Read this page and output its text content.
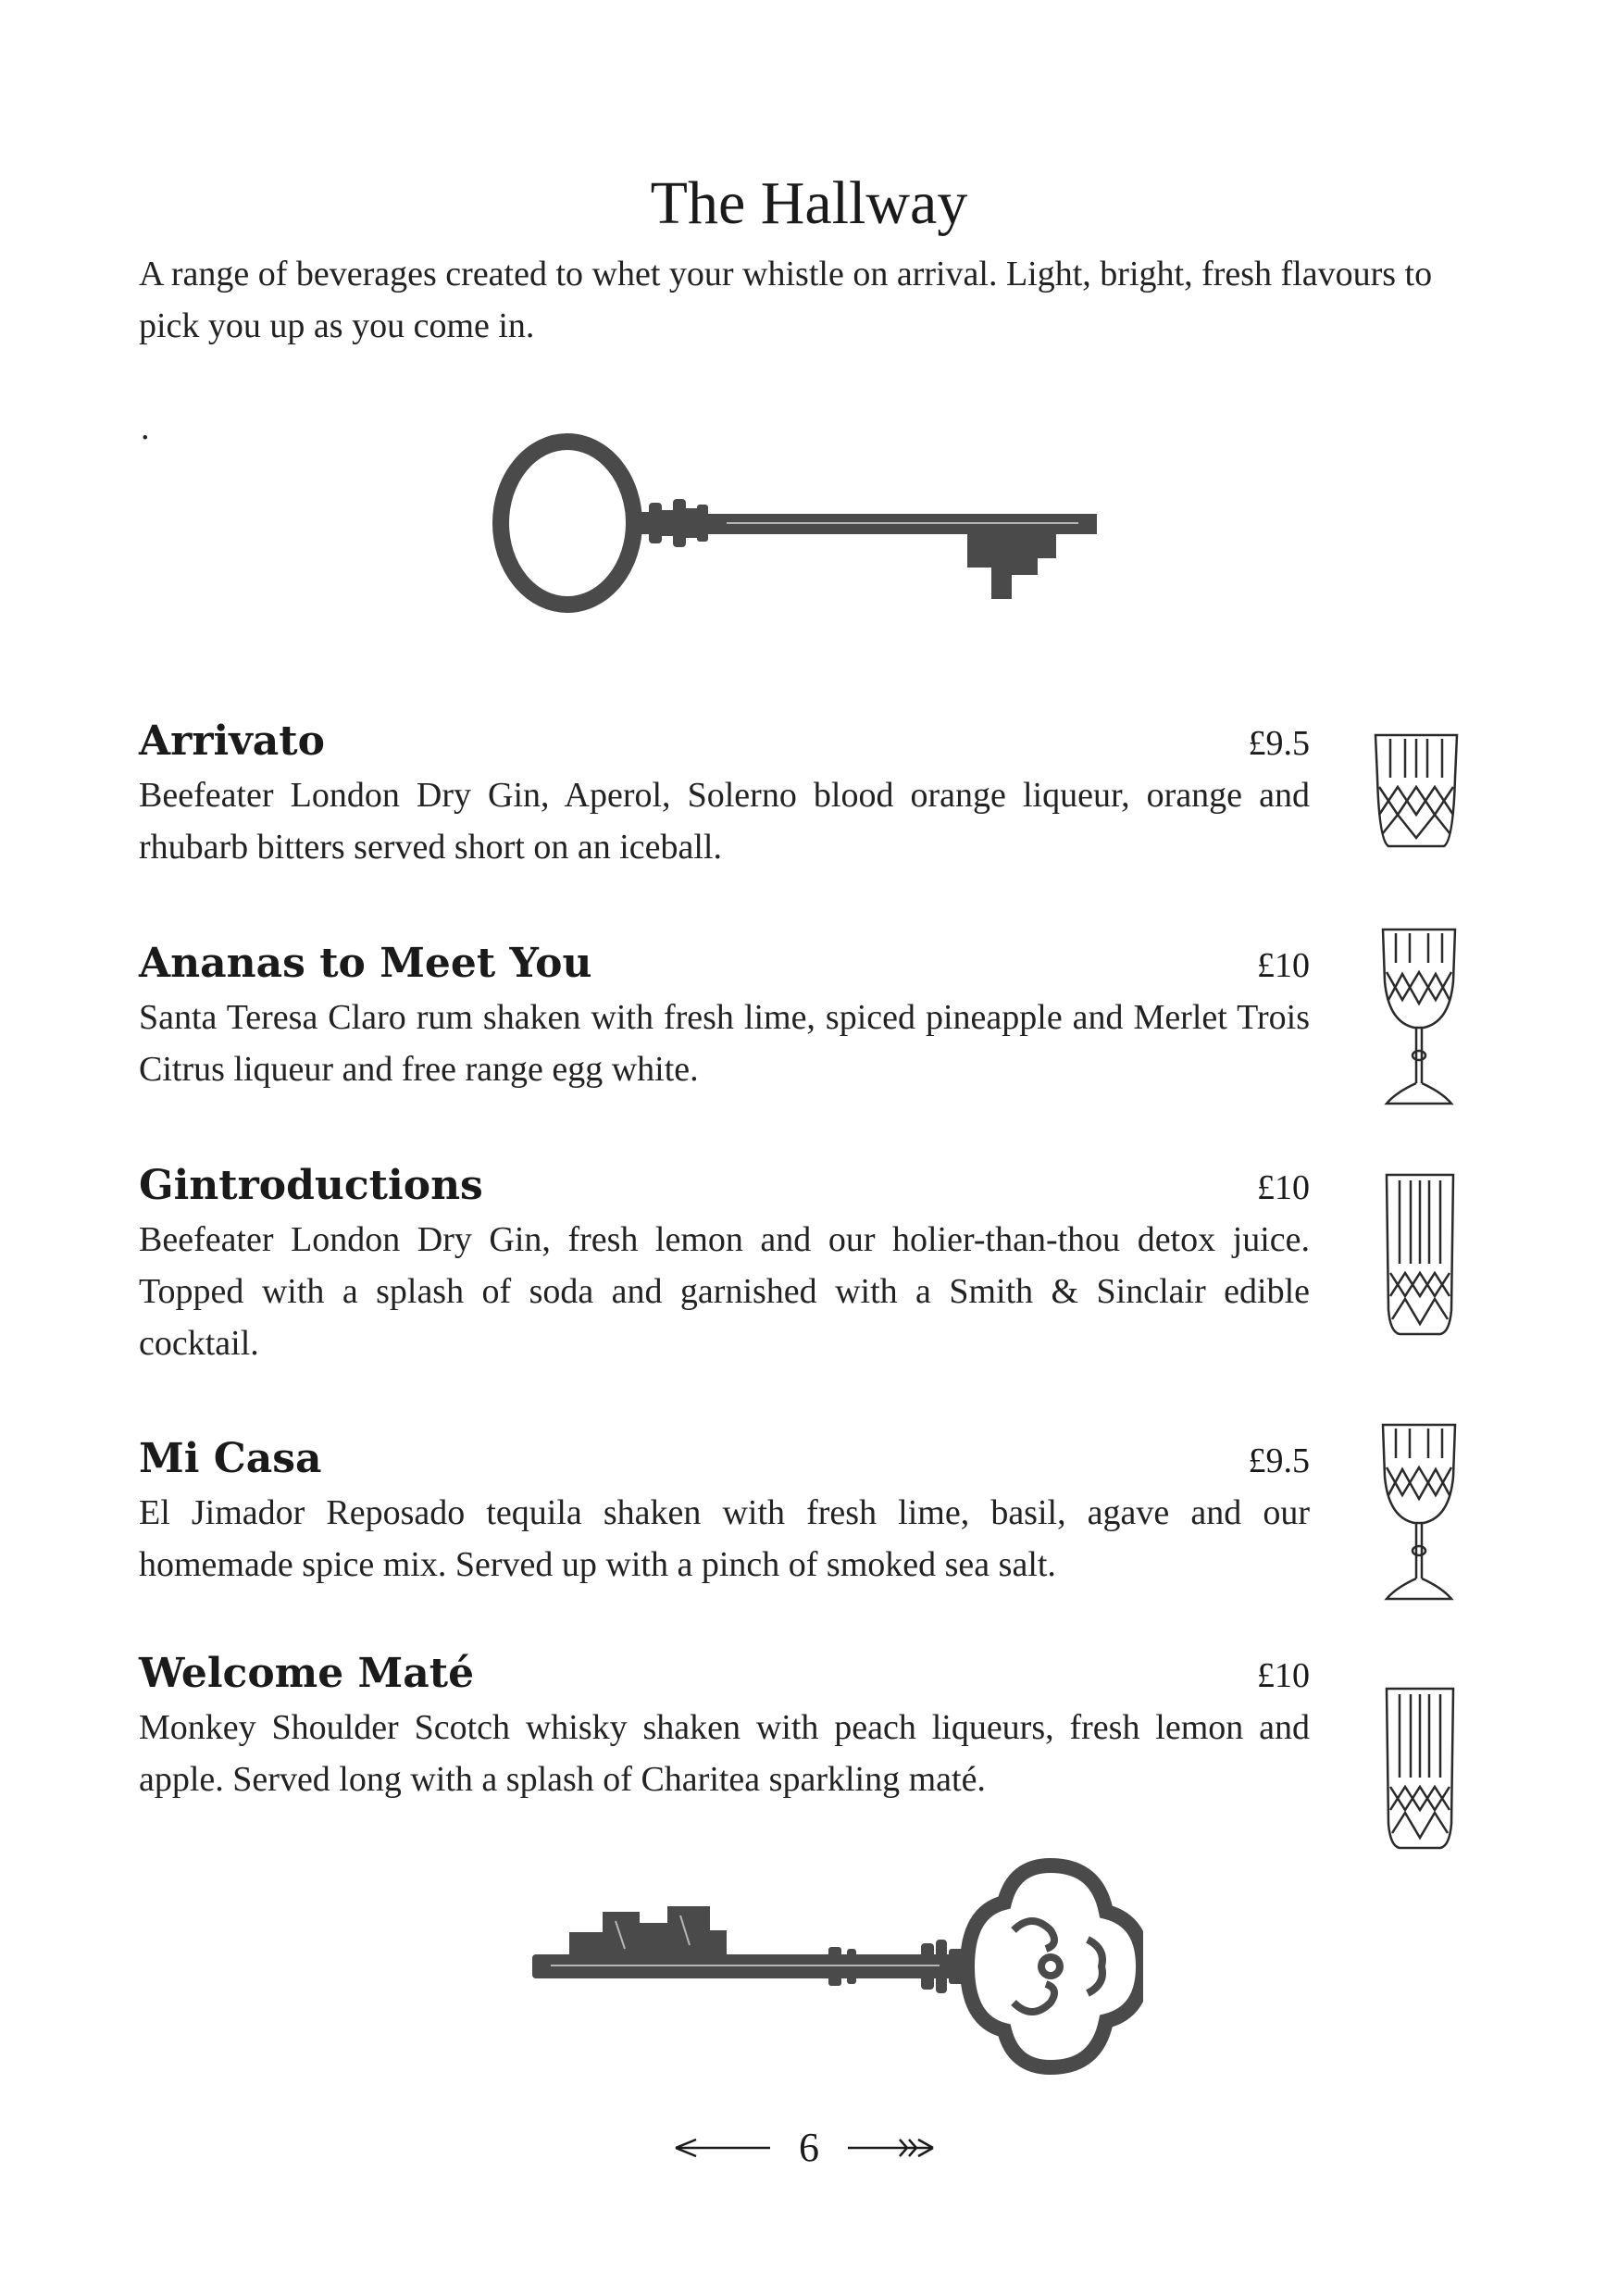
The Hallway
A range of beverages created to whet your whistle on arrival. Light, bright, fresh flavours to pick you up as you come in.
.
Arrivato	£9.5
Beefeater London Dry Gin, Aperol, Solerno blood orange liqueur, orange and rhubarb bitters served short on an iceball.
Ananas to Meet You	£10
Santa Teresa Claro rum shaken with fresh lime, spiced pineapple and Merlet Trois Citrus liqueur and free range egg white.
Gintroductions	£10
Beefeater London Dry Gin, fresh lemon and our holier-than-thou detox juice. Topped with a splash of soda and garnished with a Smith & Sinclair edible cocktail.
Mi Casa	£9.5
El Jimador Reposado tequila shaken with fresh lime, basil, agave and our homemade spice mix. Served up with a pinch of smoked sea salt.
Welcome Maté	£10
Monkey Shoulder Scotch whisky shaken with peach liqueurs, fresh lemon and apple. Served long with a splash of Charitea sparkling maté.
6
